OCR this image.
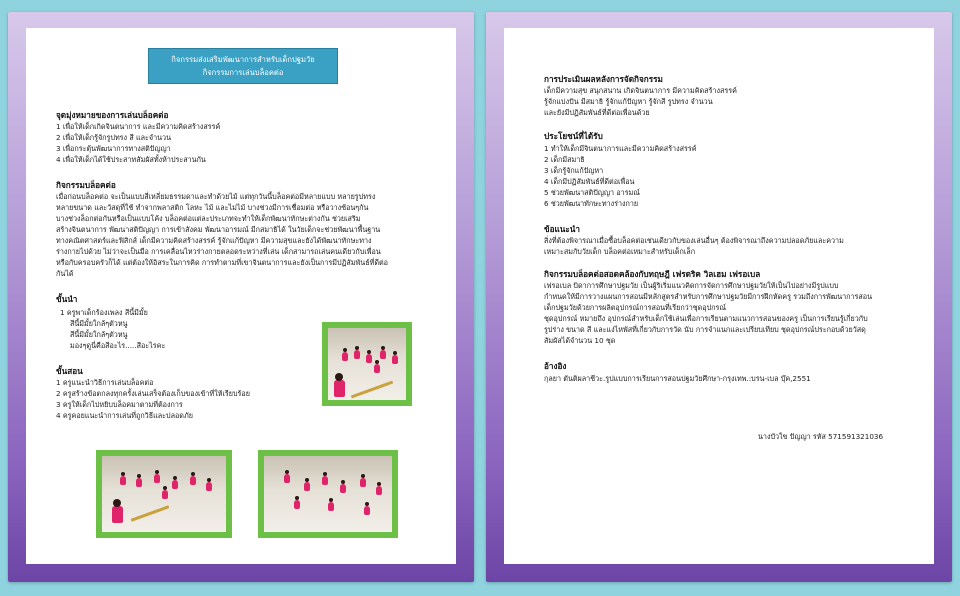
กิจกรรมส่งเสริมพัฒนาการสำหรับเด็กปฐมวัย
กิจกรรมการเล่นบล็อคต่อ
จุดมุ่งหมายของการเล่นบล็อคต่อ
1 เพื่อให้เด็กเกิดจินตนาการ และมีความคิดสร้างสรรค์
2 เพื่อให้เด็กรู้จักรูปทรง สี และจำนวน
3 เพื่อกระตุ้นพัฒนาการทางสติปัญญา
4 เพื่อให้เด็กได้ใช้ประสาทสัมผัสทั้งห้าประสานกัน
กิจกรรมบล็อคต่อ
เมื่อก่อนบล็อคต่อ จะเป็นแบบสี่เหลี่ยมธรรมดาและทำด้วยไม้ แต่ทุกวันนี้บล็อคต่อมีหลายแบบ หลายรูปทรง
หลายขนาด และวัสดุที่ใช้ ทำจากพลาสติก โลหะ ไม้ และไม่ไม้ บางช่วงมีการเชื่อมต่อ หรือวางซ้อนๆกัน
บางช่วงล็อกต่อกันหรือเป็นแบบโค้ง บล็อคต่อแต่ละประเภทจะทำให้เด็กพัฒนาทักษะต่างกัน ช่วยเสริม
สร้างจินตนาการ พัฒนาสติปัญญา การเข้าสังคม พัฒนาอารมณ์ มีกสมาธิได้ ในวัยเด็กจะช่วยพัฒนาพื้นฐาน
ทางคณิตศาสตร์และฟิสิกส์ เด็กมีความคิดสร้างสรรค์ รู้จักแก้ปัญหา มีความสุขและยังได้พัฒนาทักษะทาง
ร่างกายไปด้วย ไม่ว่าจะเป็นมือ การเคลื่อนไหวร่างกายตลอดระหว่างที่เล่น เด็กสามารถเล่นคนเดียวกับเพื่อน
หรือกับครอบครัวก็ได้ แต่ต้องให้อิสระในการคิด การทำตามที่เขาจินตนาการและยังเป็นการมีปฏิสัมพันธ์ที่ดีต่อ
กันได้
ขั้นนำ
1 ครูพาเด็กร้องเพลง สีนี้มีมั้ย
สีนี้มีมั้ยใกล้ๆตัวหนู
สีนี้มีมั้ยใกล้ๆตัวหนู
มองๆดูนี่คือสีอะไร.....สีอะไรคะ
ขั้นสอน
1 ครูแนะนำวิธีการเล่นบล็อคต่อ
2 ครูสร้างข้อตกลงทุกครั้งเล่นเสร็จต้องเก็บของเข้าที่ให้เรียบร้อย
3 ครูให้เด็กไปหยิบบล็อคมาตามที่ต้องการ
4 ครูคอยแนะนำการเล่นที่ถูกวิธีและปลอดภัย
การประเมินผลหลังการจัดกิจกรรม
เด็กมีความสุข สนุกสนาน เกิดจินตนาการ มีความคิดสร้างสรรค์
รู้จักแบ่งปัน มีสมาธิ รู้จักแก้ปัญหา รู้จักสี รูปทรง จำนวน
และยังมีปฏิสัมพันธ์ที่ดีต่อเพื่อนด้วย
ประโยชน์ที่ได้รับ
1 ทำให้เด็กมีจินตนาการและมีความคิดสร้างสรรค์
2 เด็กมีสมาธิ
3 เด็กรู้จักแก้ปัญหา
4 เด็กมีปฏิสัมพันธ์ที่ดีต่อเพื่อน
5 ช่วยพัฒนาสติปัญญา อารมณ์
6 ช่วยพัฒนาทักษะทางร่างกาย
ข้อแนะนำ
สิ่งที่ต้องพิจารณาเมื่อซื้อบล็อคต่อเช่นเดียวกับของเล่นอื่นๆ ต้องพิจารณาถึงความปลอดภัยและความ
เหมาะสมกับวัยเด็ก บล็อคต่อเหมาะสำหรับเด็กเล็ก
กิจกรรมบล็อคต่อสอดคล้องกับทฤษฎี เฟรดริค วิลเฮม เฟรอเบล
เฟรอเบล บิดาการศึกษาปฐมวัย เป็นผู้ริเริ่มแนวคิดการจัดการศึกษาปฐมวัยให้เป็นไปอย่างมีรูปแบบ
กำหนดให้มีการวางแผนการสอนมีหลักสูตรสำหรับการศึกษาปฐมวัยมีการฝึกหัดครู รวมถึงการพัฒนาการสอน
เด็กปฐมวัยด้วยการผลิตอุปกรณ์การสอนที่เรียกว่าชุดอุปกรณ์
ชุดอุปกรณ์ หมายถึง อุปกรณ์สำหรับเด็กใช้เล่นเพื่อการเรียนตามแนวการสอนของครู เป็นการเรียนรู้เกี่ยวกับ
รูปร่าง ขนาด สี และแง่ไหพัสที่เกี่ยวกับการวัด นับ การจำแนกและเปรียบเทียบ ชุดอุปกรณ์ประกอบด้วยวัสดุ
สัมผัสได้จำนวน 10 ชุด
อ้างอิง
กุลยา ตันติผลาชีวะ.รูปแบบการเรียนการสอนปฐมวัยศึกษา-กรุงเทพ.:บรน-เบล บุ๊ค,2551
นางบัวใข ปัญญา รหัส 571591321036
